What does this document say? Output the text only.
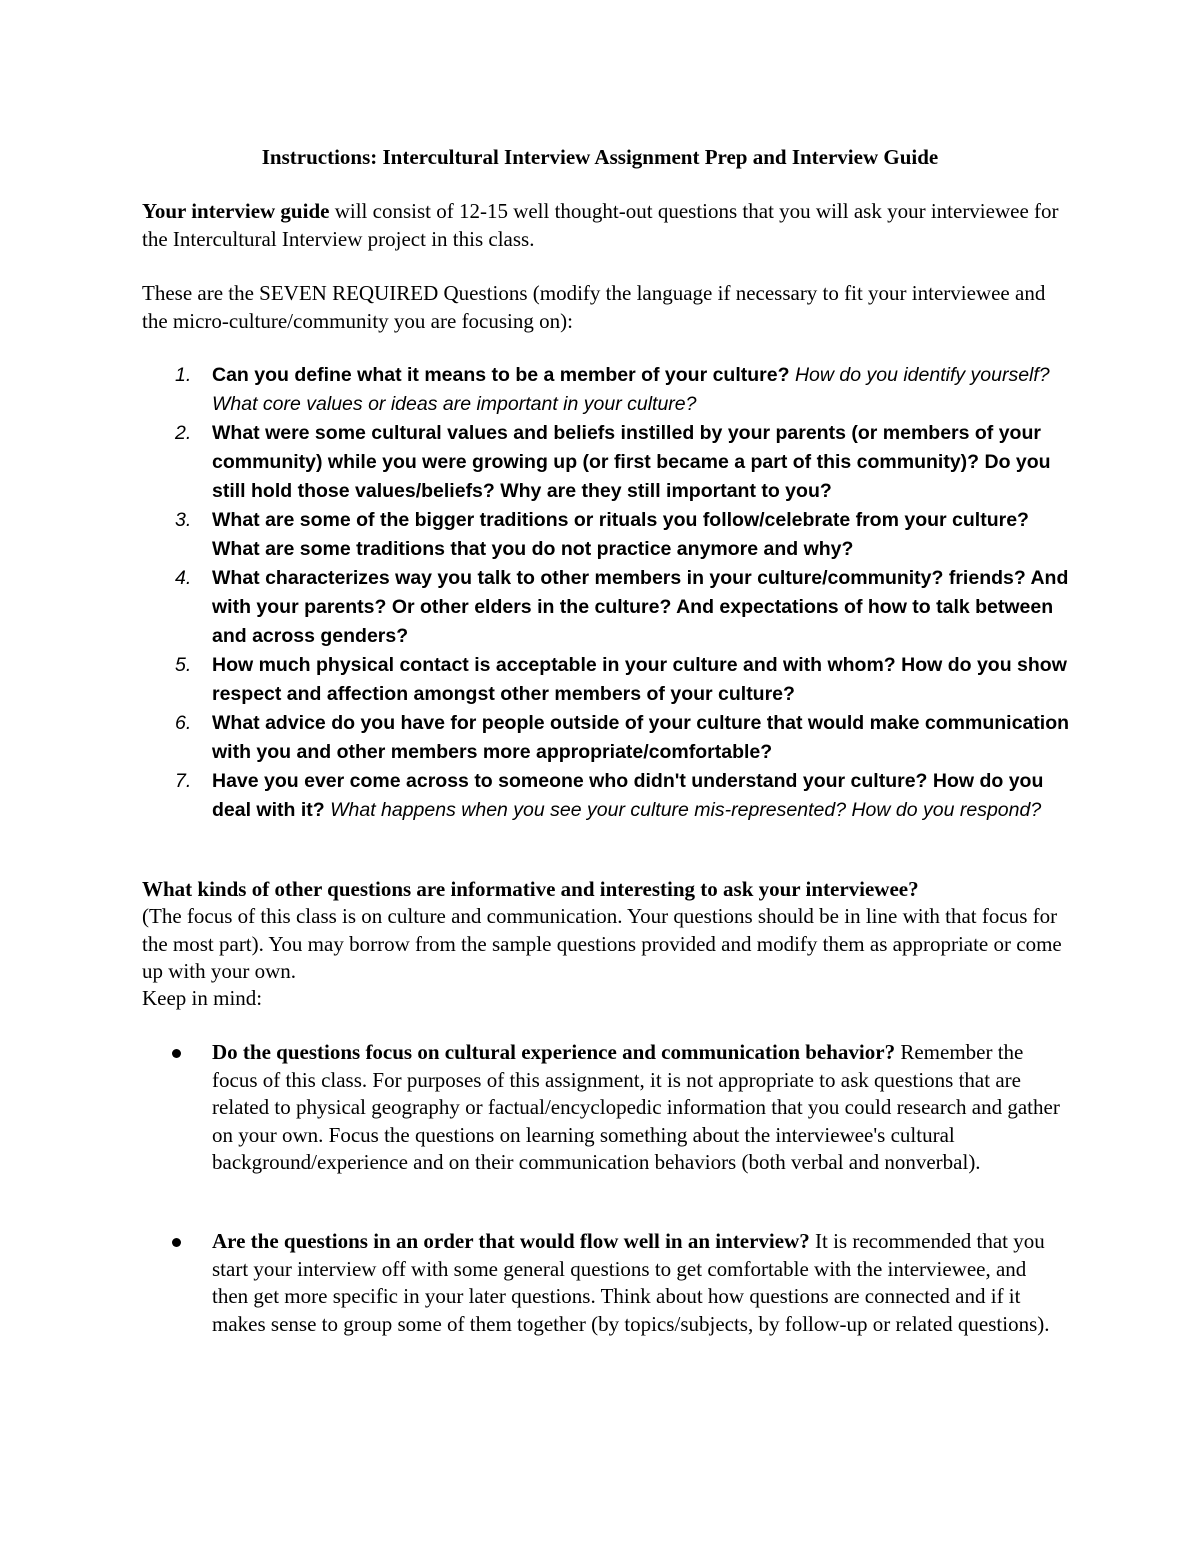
Instructions: Intercultural Interview Assignment Prep and Interview Guide

Your interview guide will consist of 12-15 well thought-out questions that you will ask your interviewee for the Intercultural Interview project in this class.

These are the SEVEN REQUIRED Questions (modify the language if necessary to fit your interviewee and the micro-culture/community you are focusing on):

1. Can you define what it means to be a member of your culture? How do you identify yourself? What core values or ideas are important in your culture?
2. What were some cultural values and beliefs instilled by your parents (or members of your community) while you were growing up (or first became a part of this community)? Do you still hold those values/beliefs? Why are they still important to you?
3. What are some of the bigger traditions or rituals you follow/celebrate from your culture? What are some traditions that you do not practice anymore and why?
4. What characterizes way you talk to other members in your culture/community? friends? And with your parents? Or other elders in the culture? And expectations of how to talk between and across genders?
5. How much physical contact is acceptable in your culture and with whom? How do you show respect and affection amongst other members of your culture?
6. What advice do you have for people outside of your culture that would make communication with you and other members more appropriate/comfortable?
7. Have you ever come across to someone who didn't understand your culture? How do you deal with it? What happens when you see your culture mis-represented? How do you respond?

What kinds of other questions are informative and interesting to ask your interviewee?

(The focus of this class is on culture and communication. Your questions should be in line with that focus for the most part). You may borrow from the sample questions provided and modify them as appropriate or come up with your own.

Keep in mind:

Do the questions focus on cultural experience and communication behavior? Remember the focus of this class. For purposes of this assignment, it is not appropriate to ask questions that are related to physical geography or factual/encyclopedic information that you could research and gather on your own. Focus the questions on learning something about the interviewee's cultural background/experience and on their communication behaviors (both verbal and nonverbal).
Are the questions in an order that would flow well in an interview? It is recommended that you start your interview off with some general questions to get comfortable with the interviewee, and then get more specific in your later questions. Think about how questions are connected and if it makes sense to group some of them together (by topics/subjects, by follow-up or related questions).
